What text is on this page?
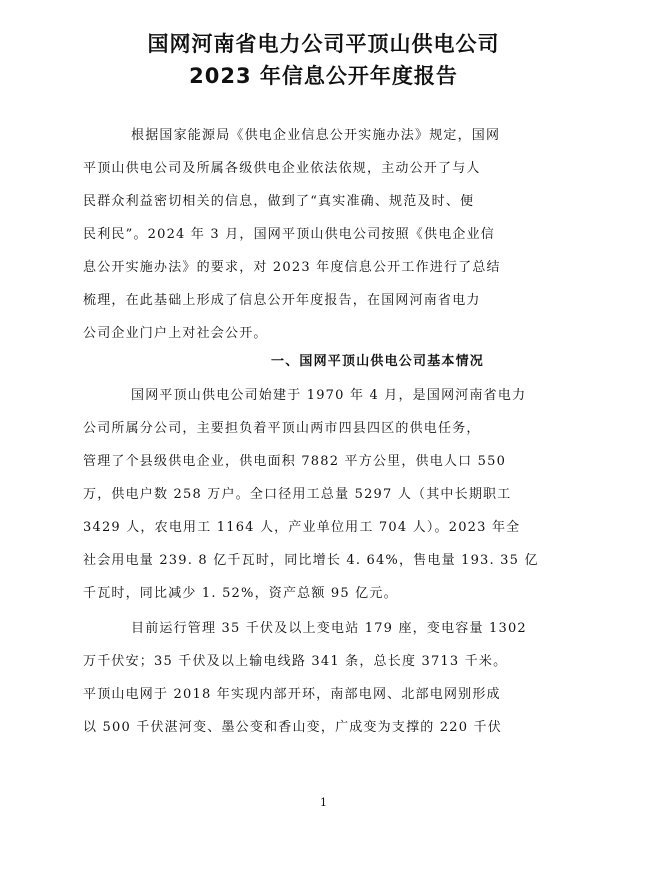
国网河南省电力公司平顶山供电公司
2023 年信息公开年度报告
根据国家能源局《供电企业信息公开实施办法》规定，国网
平顶山供电公司及所属各级供电企业依法依规，主动公开了与人
民群众利益密切相关的信息，做到了“真实准确、规范及时、便
民利民”。2024 年 3 月，国网平顶山供电公司按照《供电企业信
息公开实施办法》的要求，对 2023 年度信息公开工作进行了总结
梳理，在此基础上形成了信息公开年度报告，在国网河南省电力
公司企业门户上对社会公开。
一、国网平顶山供电公司基本情况
国网平顶山供电公司始建于 1970 年 4 月，是国网河南省电力
公司所属分公司，主要担负着平顶山两市四县四区的供电任务，
管理了个县级供电企业，供电面积 7882 平方公里，供电人口 550
万，供电户数 258 万户。全口径用工总量 5297 人（其中长期职工
3429 人，农电用工 1164 人，产业单位用工 704 人）。2023 年全
社会用电量 239. 8 亿千瓦时，同比增长 4. 64%，售电量 193. 35 亿
千瓦时，同比减少 1. 52%，资产总额 95 亿元。
目前运行管理 35 千伏及以上变电站 179 座，变电容量 1302
万千伏安；35 千伏及以上输电线路 341 条，总长度 3713 千米。
平顶山电网于 2018 年实现内部开环，南部电网、北部电网别形成
以 500 千伏湛河变、墨公变和香山变，广成变为支撑的 220 千伏
1
